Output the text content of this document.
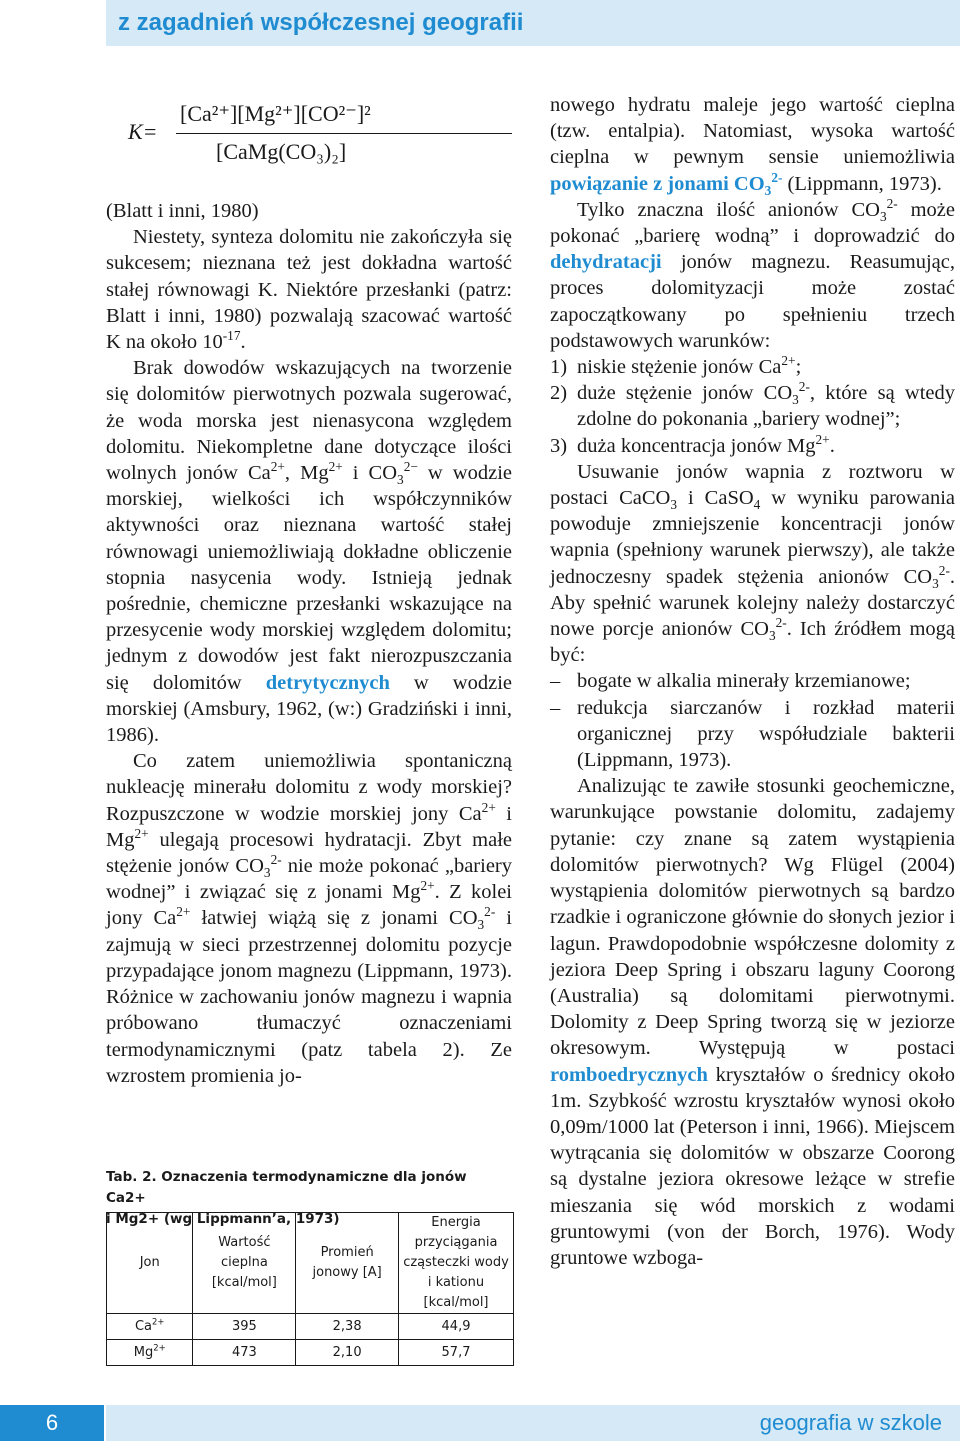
z zagadnień współczesnej geografii
K=
[Ca²⁺][Mg²⁺][CO²⁻]²
[CaMg(CO₃)₂]

(Blatt i inni, 1980)

Niestety, synteza dolomitu nie zakończyła się sukcesem; nieznana też jest dokładna wartość stałej równowagi K. Niektóre przesłanki (patrz: Blatt i inni, 1980) pozwalają szacować wartość K na około $10^{-17}$.

Brak dowodów wskazujących na tworzenie się dolomitów pierwotnych pozwala sugerować, że woda morska jest nienasycona względem dolomitu. Niekompletne dane dotyczące ilości wolnych jonów $Ca^{2+}$, $Mg^{2+}$ i $CO_3^{2-}$ w wodzie morskiej, wielkości ich współczynników aktywności oraz nieznana wartość stałej równowagi uniemożliwiają dokładne obliczenie stopnia nasycenia wody. Istnieją jednak pośrednie, chemiczne przesłanki wskazujące na przesycenie wody morskiej względem dolomitu; jednym z dowodów jest fakt nierozpuszczania się dolomitów detrytycznych w wodzie morskiej (Amsbury, 1962, (w:) Gradziński i inni, 1986).

Co zatem uniemożliwia spontaniczną nukleację minerału dolomitu z wody morskiej? Rozpuszczone w wodzie morskiej jony $Ca^{2+}$ i $Mg^{2+}$ ulegają procesowi hydratacji. Zbyt małe stężenie jonów $CO_3^{2-}$ nie może pokonać „bariery wodnej” i związać się z jonami $Mg^{2+}$. Z kolei jony $Ca^{2+}$ łatwiej wiążą się z jonami $CO_3^{2-}$ i zajmują w sieci przestrzennej dolomitu pozycje przypadające jonom magnezu (Lippmann, 1973). Różnice w zachowaniu jonów magnezu i wapnia próbowano tłumaczyć oznaczeniami termodynamicznymi (patz tabela 2). Ze wzrostem promienia jo-

Tab. 2. Oznaczenia termodynamiczne dla jonów Ca2+
i Mg2+ (wg Lippmann’a, 1973)
Jon	Wartość cieplna [kcal/mol]	Promień jonowy [A]	Energia przyciągania cząsteczki wody i kationu [kcal/mol]
$Ca^{2+}$	395	2,38	44,9
$Mg^{2+}$	473	2,10	57,7

nowego hydratu maleje jego wartość cieplna (tzw. entalpia). Natomiast, wysoka wartość cieplna w pewnym sensie uniemożliwia powiązanie z jonami $CO_3^{2-}$ (Lippmann, 1973).

Tylko znaczna ilość anionów $CO_3^{2-}$ może pokonać „barierę wodną” i doprowadzić do dehydratacji jonów magnezu. Reasumując, proces dolomityzacji może zostać zapoczątkowany po spełnieniu trzech podstawowych warunków:

1) niskie stężenie jonów $Ca^{2+}$;

2) duże stężenie jonów $CO_3^{2-}$, które są wtedy zdolne do pokonania „bariery wodnej”;

3) duża koncentracja jonów $Mg^{2+}$.

Usuwanie jonów wapnia z roztworu w postaci CaCO$_3$ i CaSO$_4$ w wyniku parowania powoduje zmniejszenie koncentracji jonów wapnia (spełniony warunek pierwszy), ale także jednoczesny spadek stężenia anionów $CO_3^{2-}$. Aby spełnić warunek kolejny należy dostarczyć nowe porcje anionów $CO_3^{2-}$. Ich źródłem mogą być:

– bogate w alkalia minerały krzemianowe;

– redukcja siarczanów i rozkład materii organicznej przy współudziale bakterii (Lippmann, 1973).

Analizując te zawiłe stosunki geochemiczne, warunkujące powstanie dolomitu, zadajemy pytanie: czy znane są zatem wystąpienia dolomitów pierwotnych? Wg Flügel (2004) wystąpienia dolomitów pierwotnych są bardzo rzadkie i ograniczone głównie do słonych jezior i lagun. Prawdopodobnie współczesne dolomity z jeziora Deep Spring i obszaru laguny Coorong (Australia) są dolomitami pierwotnymi. Dolomity z Deep Spring tworzą się w jeziorze okresowym. Występują w postaci romboedrycznych kryształów o średnicy około 1m. Szybkość wzrostu kryształów wynosi około 0,09m/1000 lat (Peterson i inni, 1966). Miejscem wytrącania się dolomitów w obszarze Coorong są dystalne jeziora okresowe leżące w strefie mieszania się wód morskich z wodami gruntowymi (von der Borch, 1976). Wody gruntowe wzboga-

6	geografia w szkole
